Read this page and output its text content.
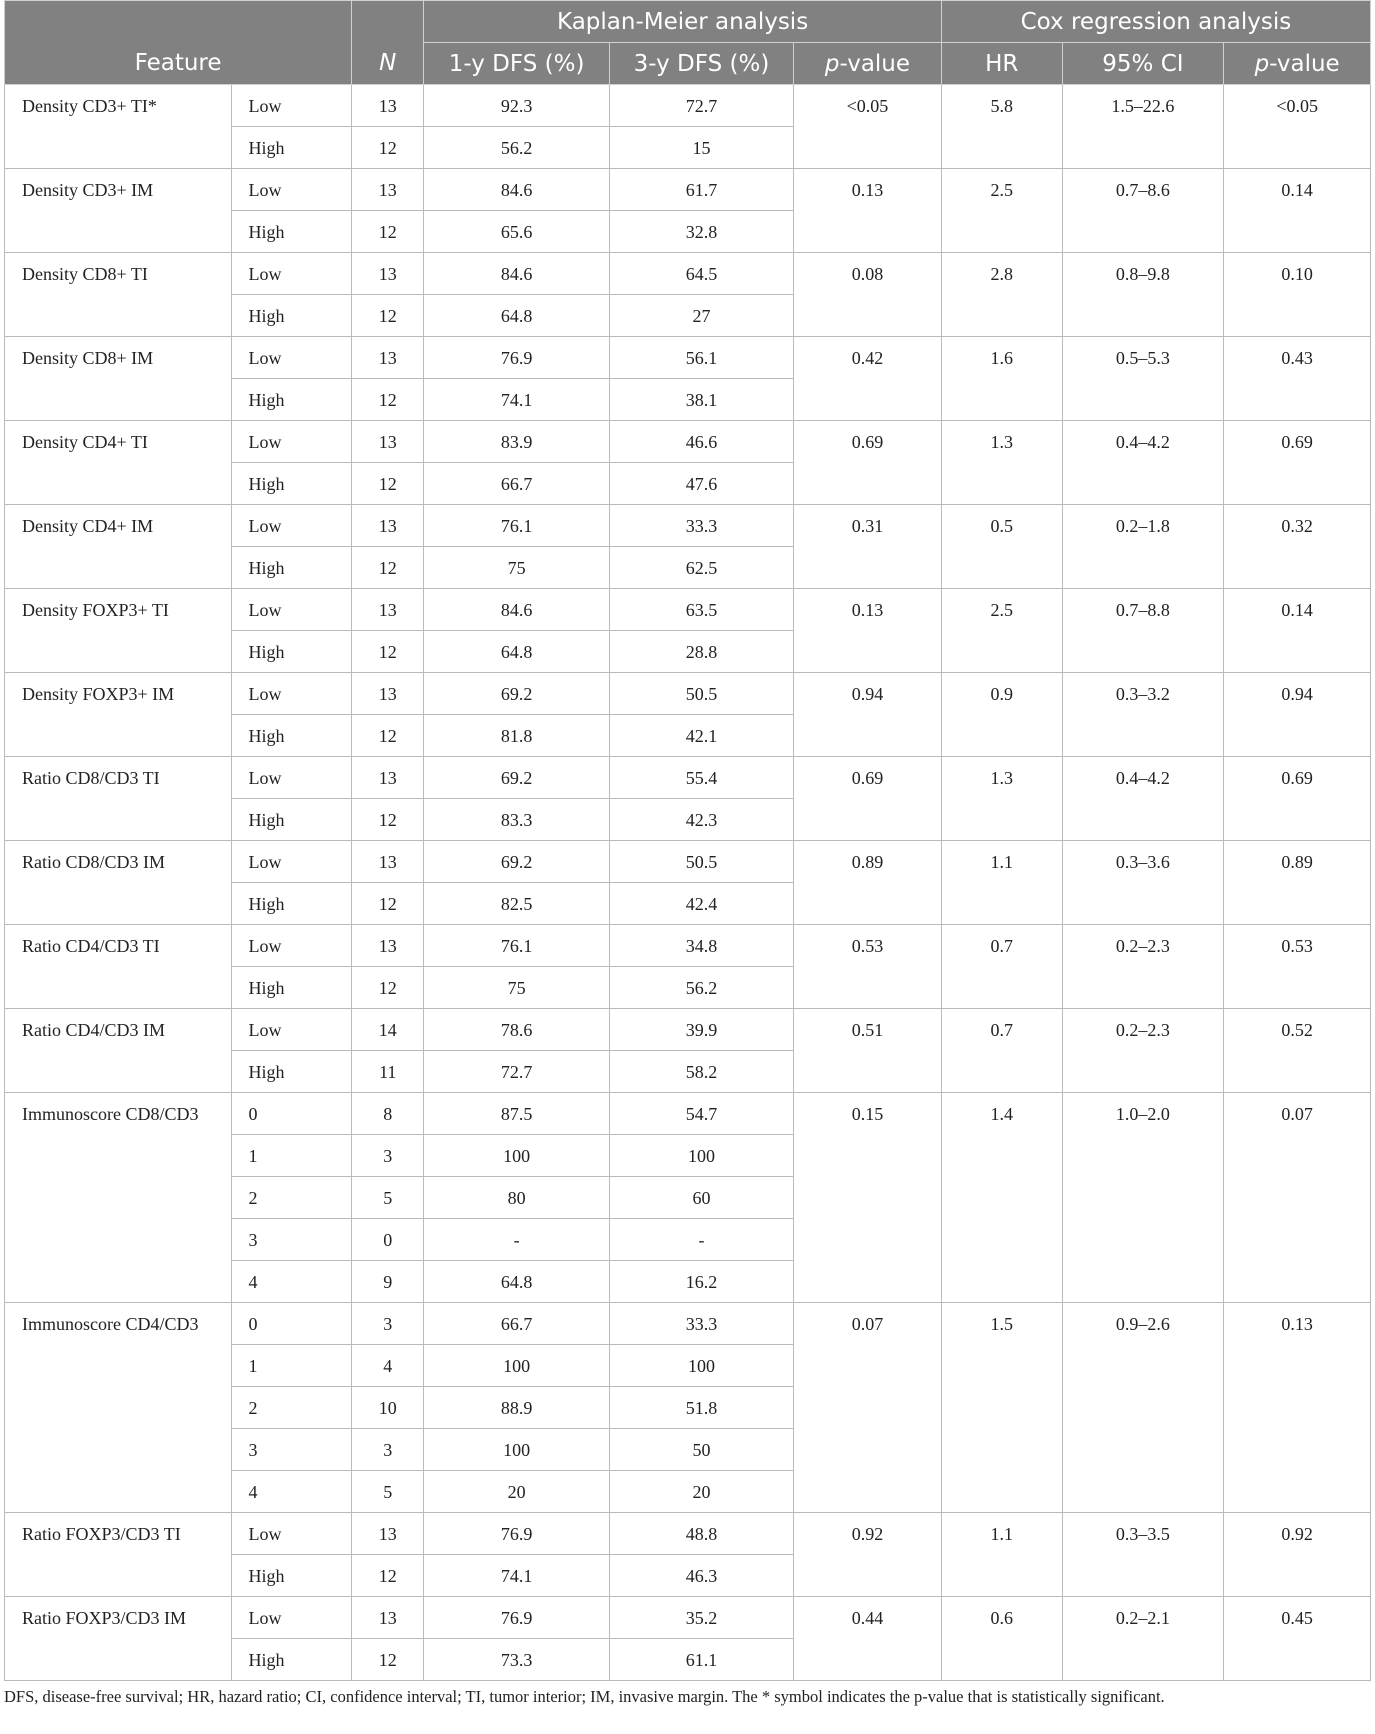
Feature		N	Kaplan-Meier analysis			Cox regression analysis		
			1-y DFS (%)	3-y DFS (%)	p-value	HR	95% CI	p-value

Density CD3+ TI*	Low	13	92.3	72.7	<0.05	5.8	1.5–22.6	<0.05

	High	12	56.2	15				

Density CD3+ IM	Low	13	84.6	61.7	0.13	2.5	0.7–8.6	0.14

	High	12	65.6	32.8				

Density CD8+ TI	Low	13	84.6	64.5	0.08	2.8	0.8–9.8	0.10

	High	12	64.8	27				

Density CD8+ IM	Low	13	76.9	56.1	0.42	1.6	0.5–5.3	0.43

	High	12	74.1	38.1				

Density CD4+ TI	Low	13	83.9	46.6	0.69	1.3	0.4–4.2	0.69

	High	12	66.7	47.6				

Density CD4+ IM	Low	13	76.1	33.3	0.31	0.5	0.2–1.8	0.32

	High	12	75	62.5				

Density FOXP3+ TI	Low	13	84.6	63.5	0.13	2.5	0.7–8.8	0.14

	High	12	64.8	28.8				

Density FOXP3+ IM	Low	13	69.2	50.5	0.94	0.9	0.3–3.2	0.94

	High	12	81.8	42.1				

Ratio CD8/CD3 TI	Low	13	69.2	55.4	0.69	1.3	0.4–4.2	0.69

	High	12	83.3	42.3				

Ratio CD8/CD3 IM	Low	13	69.2	50.5	0.89	1.1	0.3–3.6	0.89

	High	12	82.5	42.4				

Ratio CD4/CD3 TI	Low	13	76.1	34.8	0.53	0.7	0.2–2.3	0.53

	High	12	75	56.2				

Ratio CD4/CD3 IM	Low	14	78.6	39.9	0.51	0.7	0.2–2.3	0.52

	High	11	72.7	58.2				

Immunoscore CD8/CD3	0	8	87.5	54.7	0.15	1.4	1.0–2.0	0.07

	1	3	100	100				

	2	5	80	60				

	3	0	-	-				

	4	9	64.8	16.2				

Immunoscore CD4/CD3	0	3	66.7	33.3	0.07	1.5	0.9–2.6	0.13

	1	4	100	100				

	2	10	88.9	51.8				

	3	3	100	50				

	4	5	20	20				

Ratio FOXP3/CD3 TI	Low	13	76.9	48.8	0.92	1.1	0.3–3.5	0.92

	High	12	74.1	46.3				

Ratio FOXP3/CD3 IM	Low	13	76.9	35.2	0.44	0.6	0.2–2.1	0.45

	High	12	73.3	61.1				
DFS, disease-free survival; HR, hazard ratio; CI, confidence interval; TI, tumor interior; IM, invasive margin. The * symbol indicates the p-value that is statistically significant.
